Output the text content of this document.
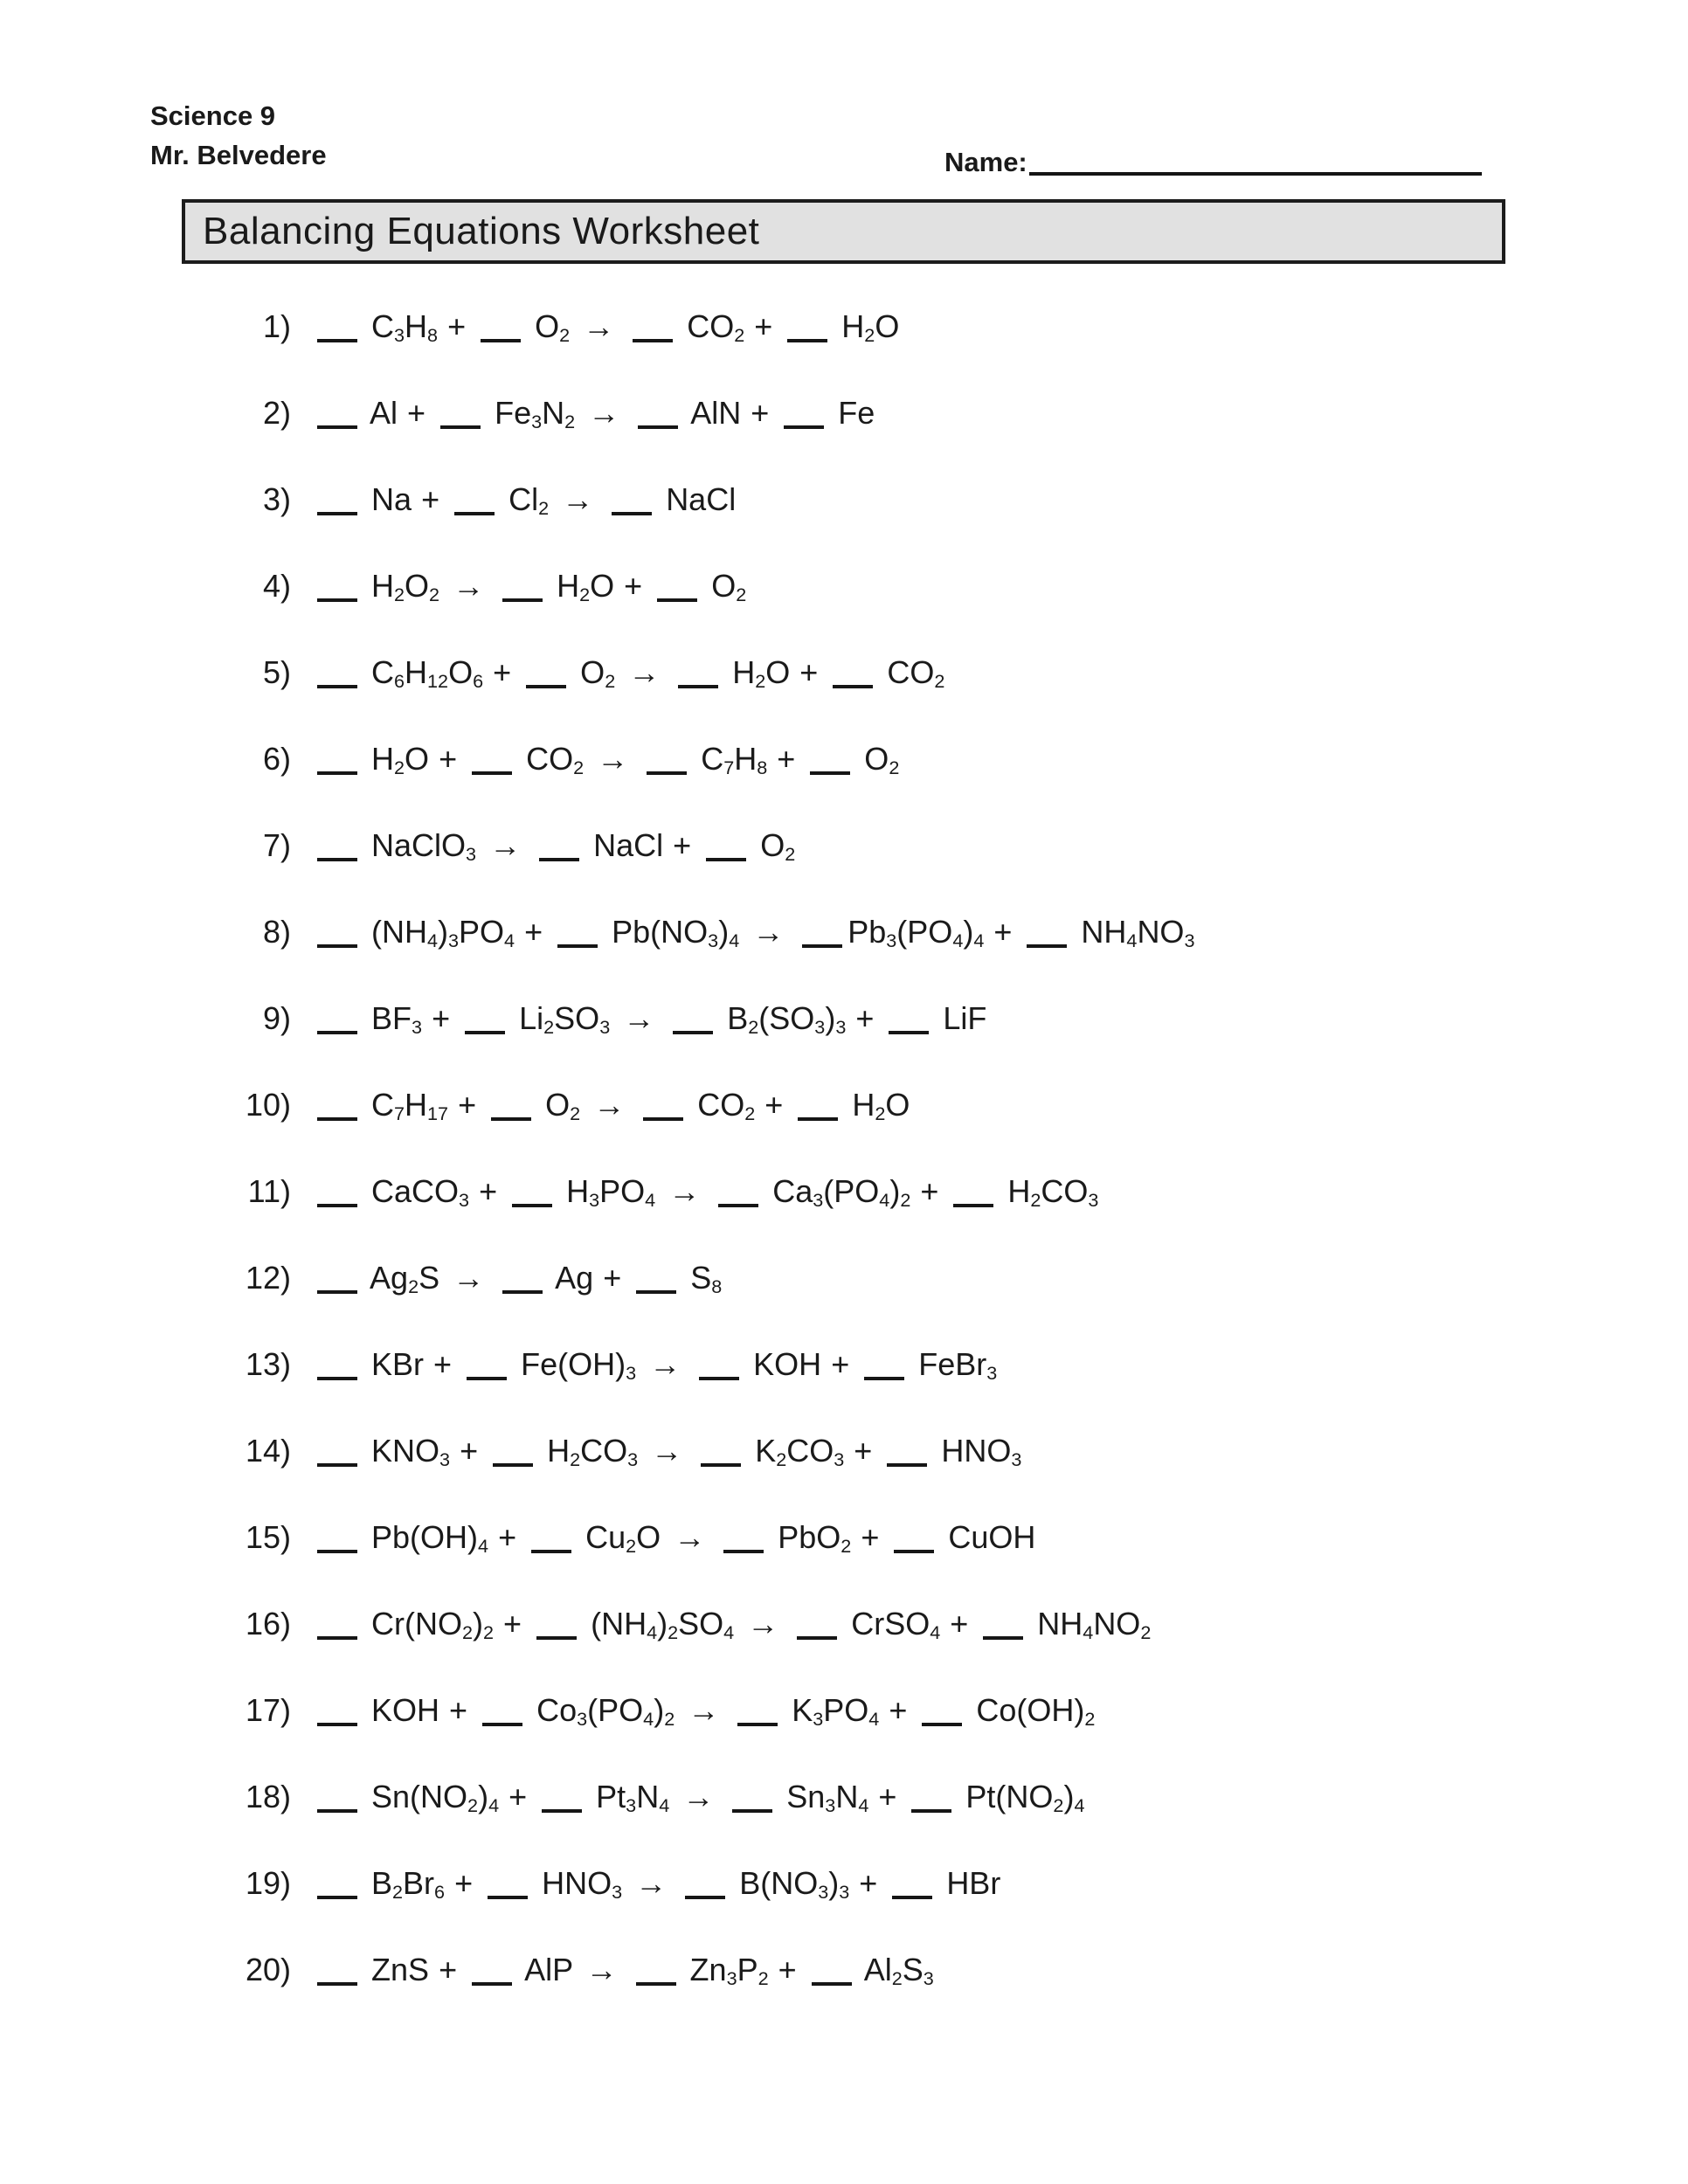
Science 9
Mr. Belvedere	Name:
Balancing Equations Worksheet
1)	$C_3H_8 + O_2 \to CO_2 + H_2O$
2)	$Al + Fe_3N_2$ → AlN + Fe
3)	$Na + Cl_2$ → NaCl
4)	$H_2O_2 \to H_2O + O_2$
5)	$C_6H_{12}O_6 + O_2 \to H_2O + CO_2$
6)	$H_2O + CO_2 \to C_7H_8 + O_2$
7)	NaClO$_3$ → NaCl + $O_2$
8)	$(NH_4)_3PO_4 + Pb(NO_3)_4 \to Pb_3(PO_4)_4 + NH_4NO_3$
9)	$BF_3 + Li_2SO_3 \to B_2(SO_3)_3$ + LiF
10)	$C_7H_{17} + O_2 \to CO_2 + H_2O$
11)	CaCO$_3$ + $H_3PO_4 \to Ca_3(PO_4)_2 + H_2CO_3$
12)	$Ag_2S \to Ag + S_8$
13)	KBr + $Fe(OH)_3$ → KOH + FeBr$_3$
14)	$KNO_3 + H_2CO_3 \to K_2CO_3 + HNO_3$
15)	$Pb(OH)_4 + Cu_2O \to PbO_2$ + CuOH
16)	$Cr(NO_2)_2 + (NH_4)_2SO_4$ → CrSO$_4$ + $NH_4NO_2$
17)	KOH + $Co_3(PO_4)_2 \to K_3PO_4 + Co(OH)_2$
18)	$Sn(NO_2)_4 + Pt_3N_4 \to Sn_3N_4 + Pt(NO_2)_4$
19)	$B_2Br_6 + HNO_3 \to B(NO_3)_3$ + HBr
20)	ZnS + AlP → $Zn_3P_2 + Al_2S_3$
